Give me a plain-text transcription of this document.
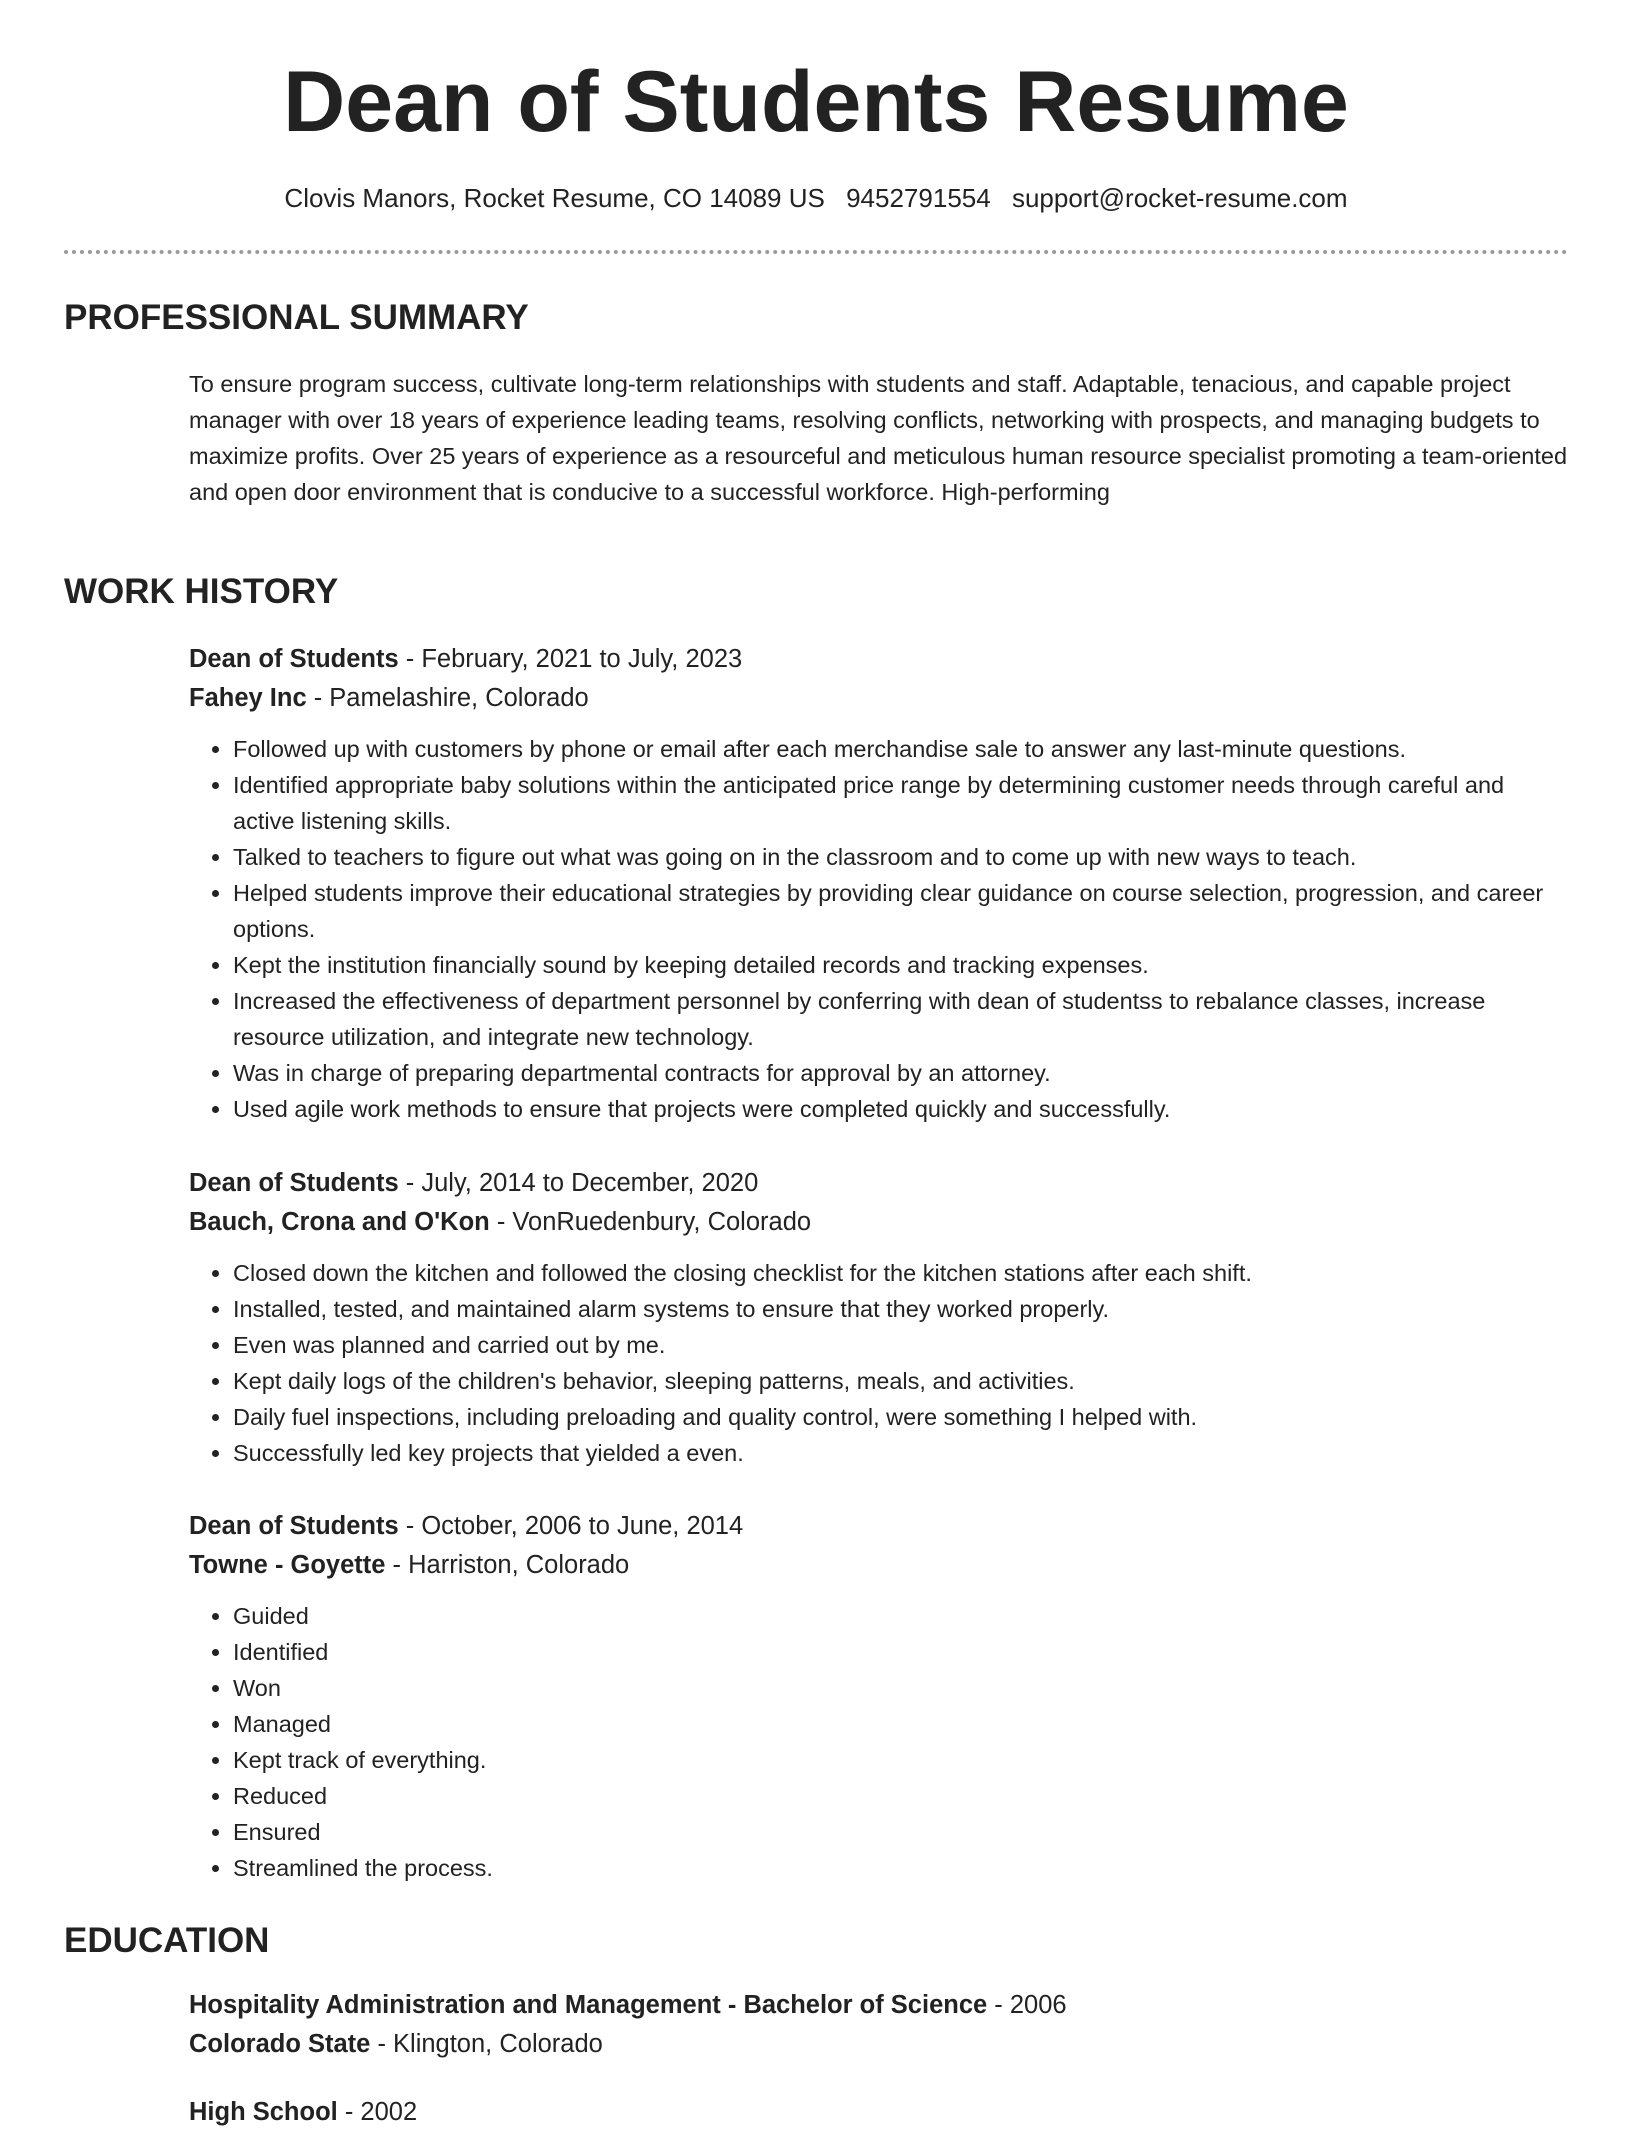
Dean of Students Resume
Clovis Manors, Rocket Resume, CO 14089 US 9452791554 support@rocket-resume.com
PROFESSIONAL SUMMARY

To ensure program success, cultivate long-term relationships with students and staff. Adaptable, tenacious, and capable project manager with over 18 years of experience leading teams, resolving conflicts, networking with prospects, and managing budgets to maximize profits. Over 25 years of experience as a resourceful and meticulous human resource specialist promoting a team-oriented and open door environment that is conducive to a successful workforce. High-performing

WORK HISTORY
Dean of Students - February, 2021 to July, 2023
Fahey Inc - Pamelashire, Colorado
• Followed up with customers by phone or email after each merchandise sale to answer any last-minute questions.
• Identified appropriate baby solutions within the anticipated price range by determining customer needs through careful and active listening skills.
• Talked to teachers to figure out what was going on in the classroom and to come up with new ways to teach.
• Helped students improve their educational strategies by providing clear guidance on course selection, progression, and career options.
• Kept the institution financially sound by keeping detailed records and tracking expenses.
• Increased the effectiveness of department personnel by conferring with dean of studentss to rebalance classes, increase resource utilization, and integrate new technology.
• Was in charge of preparing departmental contracts for approval by an attorney.
• Used agile work methods to ensure that projects were completed quickly and successfully.
Dean of Students - July, 2014 to December, 2020
Bauch, Crona and O'Kon - VonRuedenbury, Colorado
• Closed down the kitchen and followed the closing checklist for the kitchen stations after each shift.
• Installed, tested, and maintained alarm systems to ensure that they worked properly.
• Even was planned and carried out by me.
• Kept daily logs of the children's behavior, sleeping patterns, meals, and activities.
• Daily fuel inspections, including preloading and quality control, were something I helped with.
• Successfully led key projects that yielded a even.
Dean of Students - October, 2006 to June, 2014
Towne - Goyette - Harriston, Colorado
• Guided
• Identified
• Won
• Managed
• Kept track of everything.
• Reduced
• Ensured
• Streamlined the process.
EDUCATION
Hospitality Administration and Management - Bachelor of Science - 2006
Colorado State - Klington, Colorado
High School - 2002
